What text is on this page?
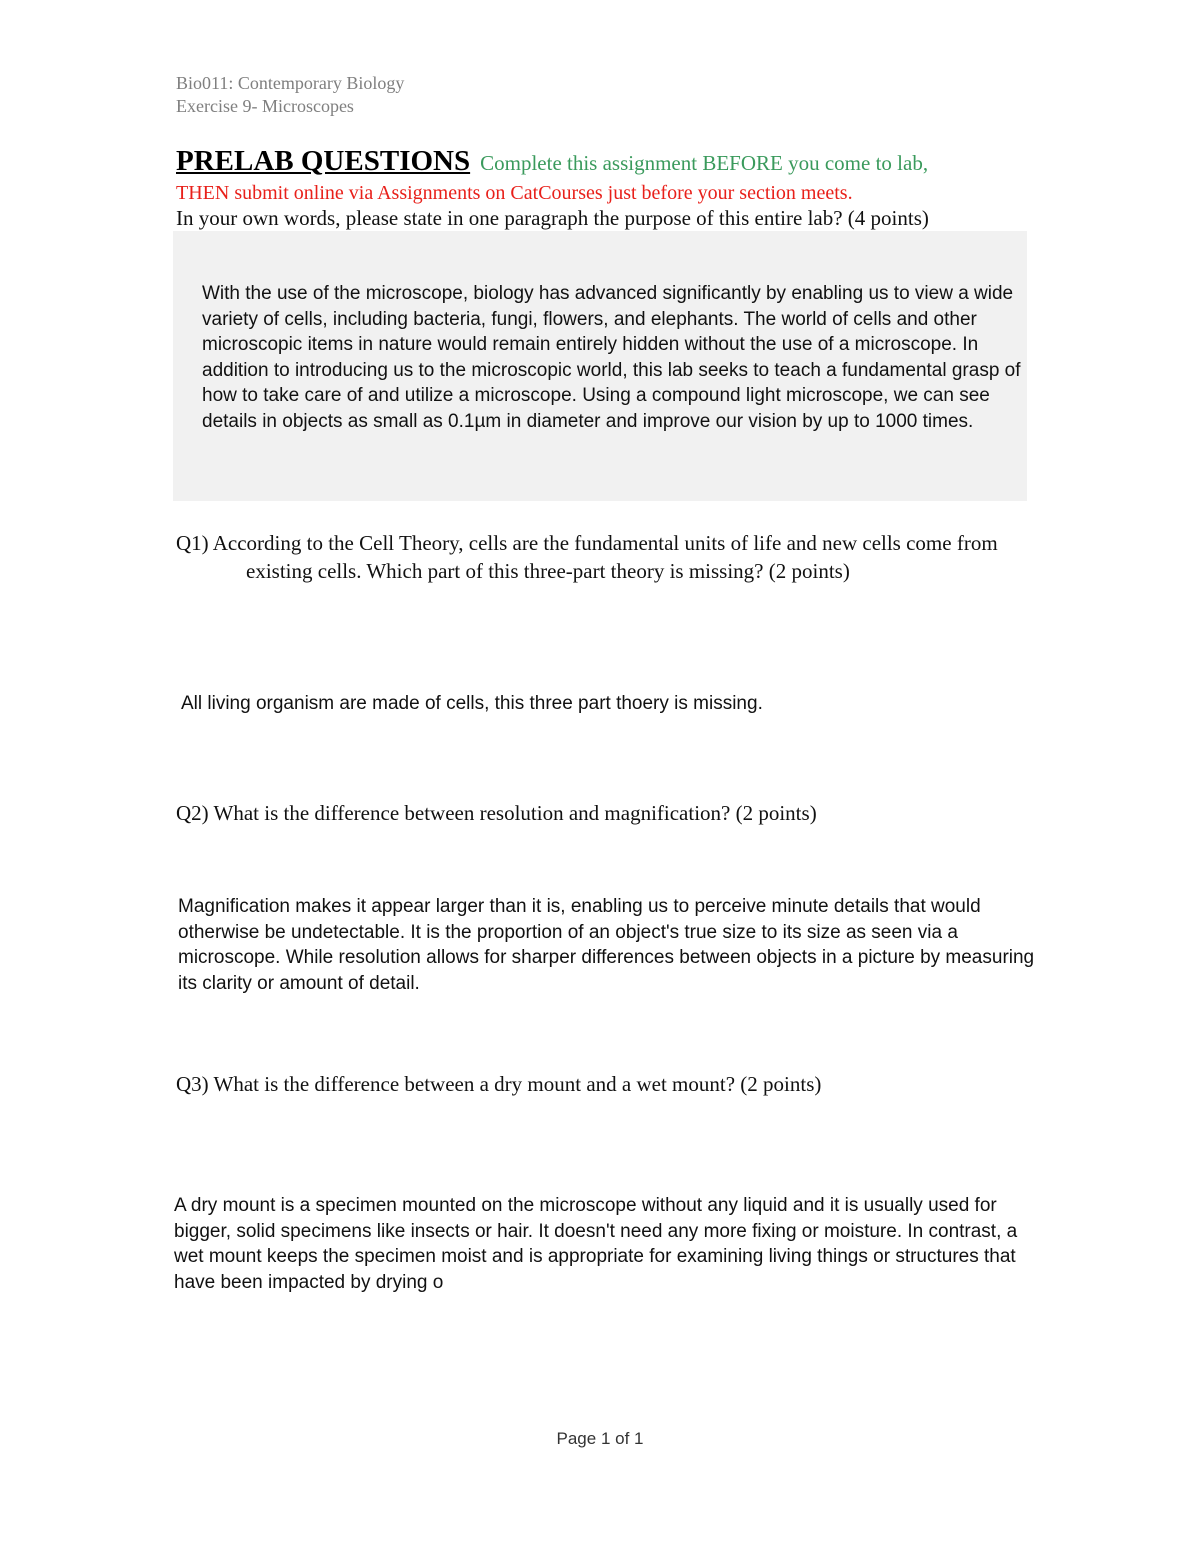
Bio011: Contemporary Biology
Exercise 9- Microscopes
PRELAB QUESTIONS Complete this assignment BEFORE you come to lab,
THEN submit online via Assignments on CatCourses just before your section meets.
In your own words, please state in one paragraph the purpose of this entire lab? (4 points)

With the use of the microscope, biology has advanced significantly by enabling us to view a wide variety of cells, including bacteria, fungi, flowers, and elephants. The world of cells and other microscopic items in nature would remain entirely hidden without the use of a microscope. In addition to introducing us to the microscopic world, this lab seeks to teach a fundamental grasp of how to take care of and utilize a microscope. Using a compound light microscope, we can see details in objects as small as 0.1µm in diameter and improve our vision by up to 1000 times.

Q1) According to the Cell Theory, cells are the fundamental units of life and new cells come from existing cells. Which part of this three-part theory is missing? (2 points)

All living organism are made of cells, this three part thoery is missing.

Q2) What is the difference between resolution and magnification? (2 points)

Magnification makes it appear larger than it is, enabling us to perceive minute details that would otherwise be undetectable. It is the proportion of an object's true size to its size as seen via a microscope. While resolution allows for sharper differences between objects in a picture by measuring its clarity or amount of detail.

Q3) What is the difference between a dry mount and a wet mount? (2 points)

A dry mount is a specimen mounted on the microscope without any liquid and it is usually used for bigger, solid specimens like insects or hair. It doesn't need any more fixing or moisture. In contrast, a wet mount keeps the specimen moist and is appropriate for examining living things or structures that have been impacted by drying o

Page 1 of 1
